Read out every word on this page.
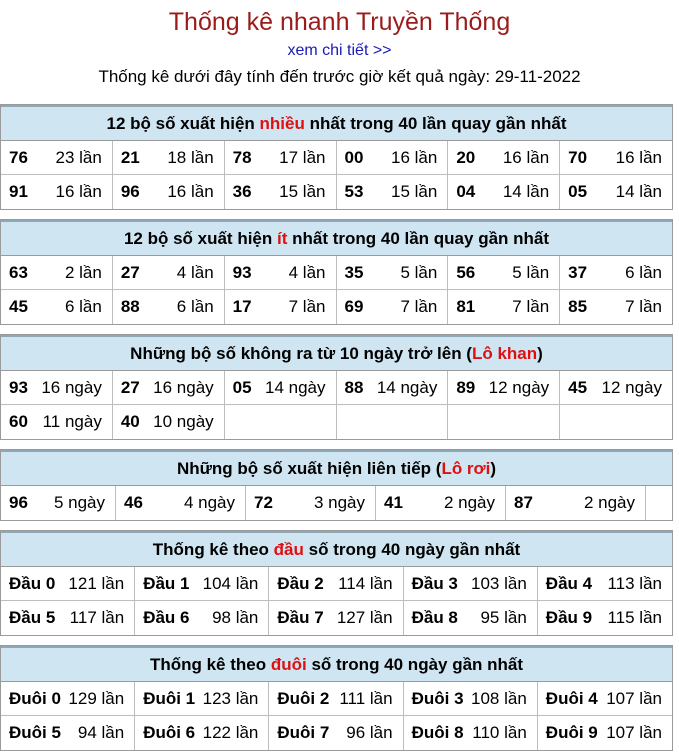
Thống kê nhanh Truyền Thống
xem chi tiết >>
Thống kê dưới đây tính đến trước giờ kết quả ngày: 29-11-2022
12 bộ số xuất hiện nhiều nhất trong 40 lần quay gần nhất
76 23 lần 21 18 lần 78 17 lần 00 16 lần 20 16 lần 70 16 lần
91 16 lần 96 16 lần 36 15 lần 53 15 lần 04 14 lần 05 14 lần
12 bộ số xuất hiện ít nhất trong 40 lần quay gần nhất
63 2 lần 27 4 lần 93 4 lần 35 5 lần 56 5 lần 37 6 lần
45 6 lần 88 6 lần 17 7 lần 69 7 lần 81 7 lần 85 7 lần
Những bộ số không ra từ 10 ngày trở lên (Lô khan)
93 16 ngày 27 16 ngày 05 14 ngày 88 14 ngày 89 12 ngày 45 12 ngày
60 11 ngày 40 10 ngày
Những bộ số xuất hiện liên tiếp (Lô rơi)
96 5 ngày 46 4 ngày 72 3 ngày 41 2 ngày 87	2 ngày
Thống kê theo đầu số trong 40 ngày gần nhất
Đầu 0 121 lần Đầu 1 104 lần Đầu 2 114 lần Đầu 3 103 lần Đầu 4 113 lần
Đầu 5 117 lần Đầu 6 98 lần Đầu 7 127 lần Đầu 8 95 lần Đầu 9 115 lần
Thống kê theo đuôi số trong 40 ngày gần nhất
Đuôi 0 129 lần Đuôi 1 123 lần Đuôi 2 111 lần Đuôi 3 108 lần Đuôi 4 107 lần
Đuôi 5 94 lần Đuôi 6 122 lần Đuôi 7 96 lần Đuôi 8 110 lần Đuôi 9 107 lần
